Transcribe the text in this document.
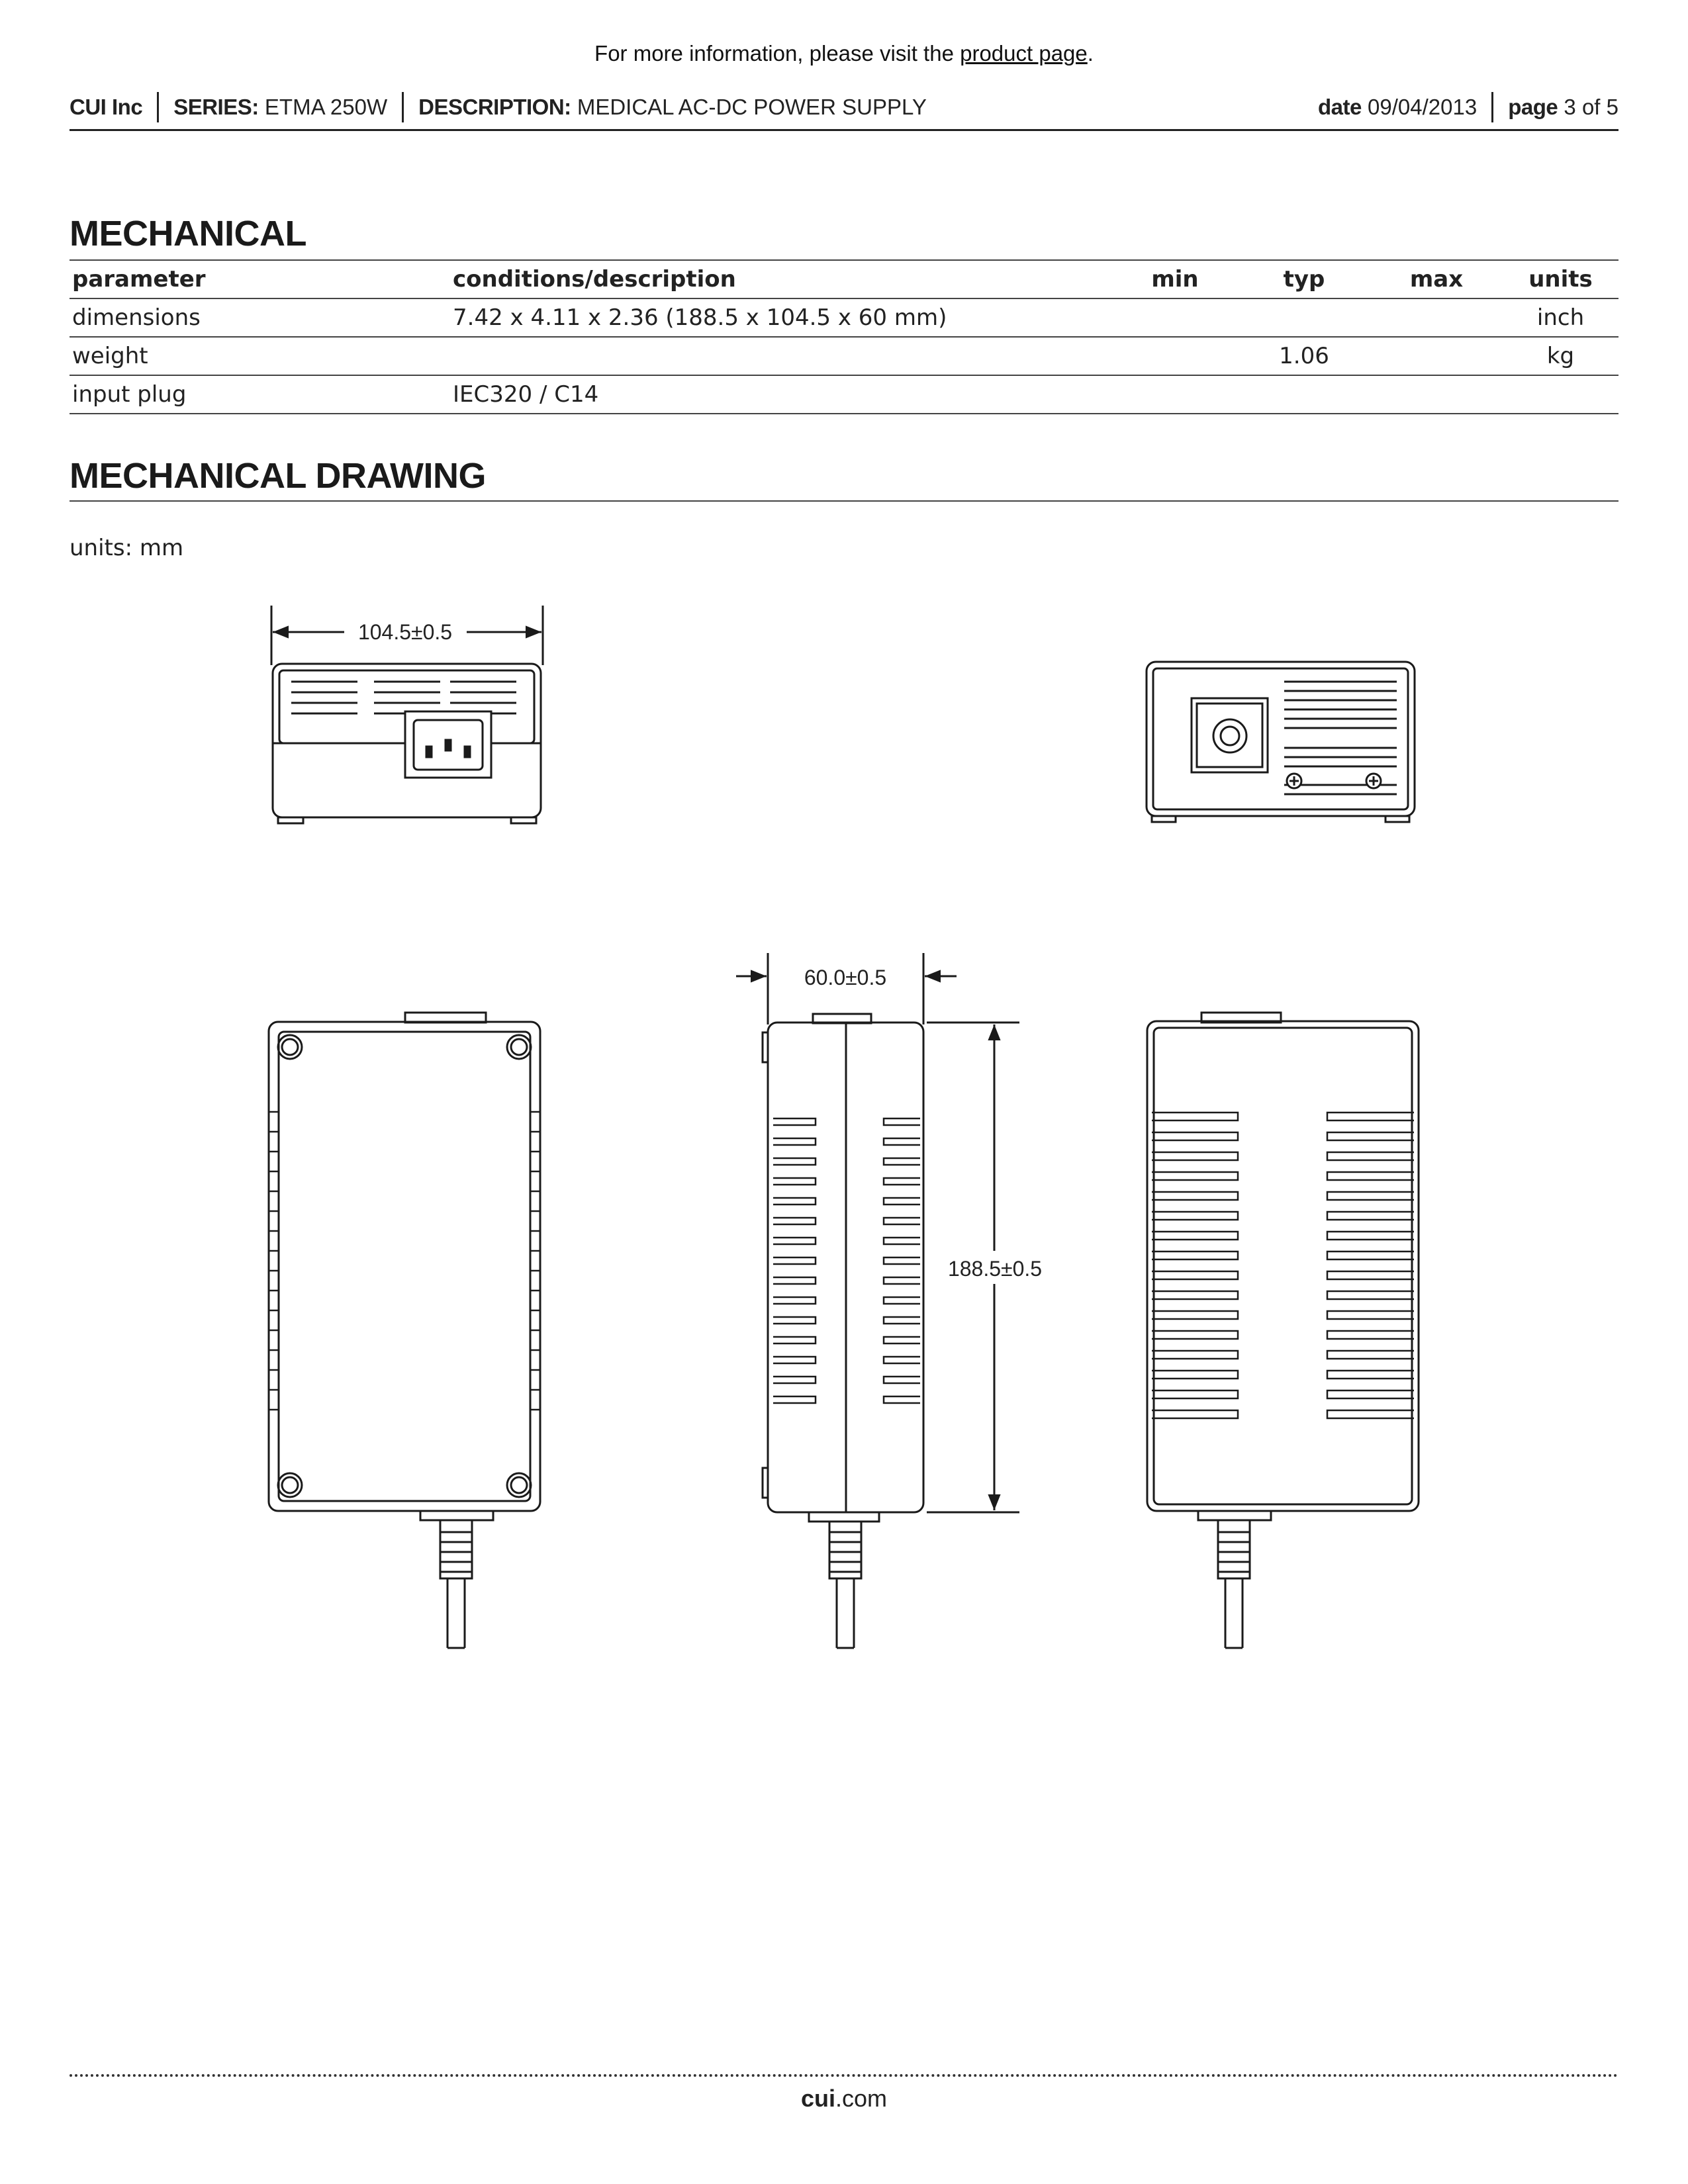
For more information, please visit the product page.
CUI Inc SERIES:
ETMA 250W DESCRIPTION:
MEDICAL AC-DC POWER SUPPLY	date
09/04/2013 page
3 of 5
MECHANICAL
parameter	conditions/description	min	typ	max	units
dimensions	7.42 x 4.11 x 2.36 (188.5 x 104.5 x 60 mm)				inch
weight			1.06		kg
input plug	IEC320 / C14				
MECHANICAL DRAWING
units: mm
104.5±0.5
60.0±0.5
188.5±0.5
cui.com
